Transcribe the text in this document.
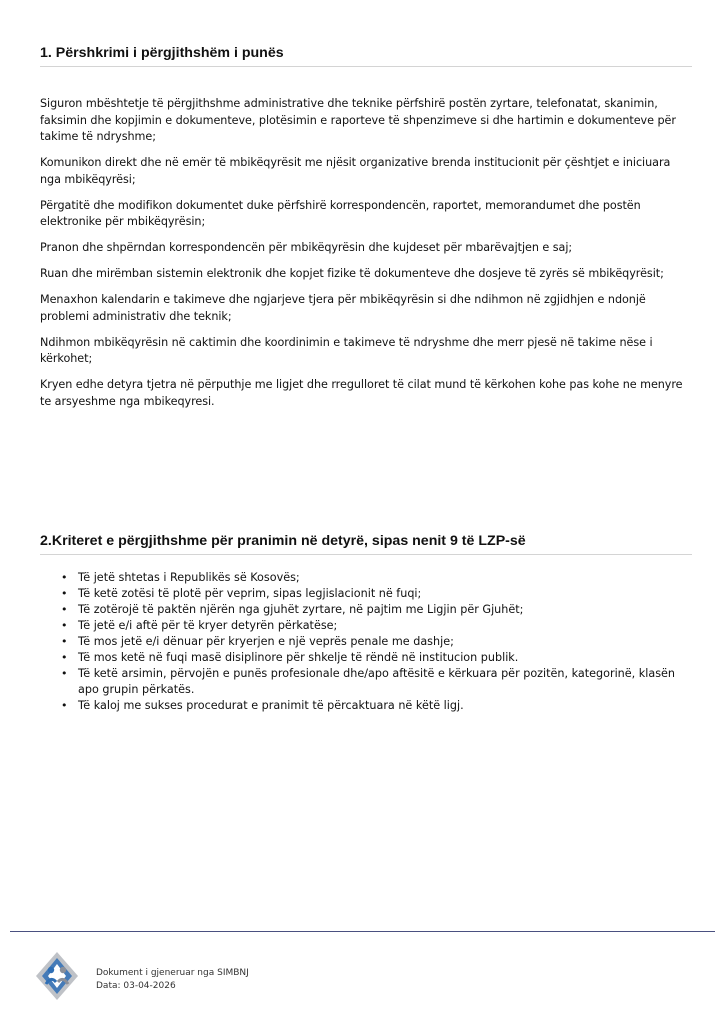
1. Përshkrimi i përgjithshëm i punës

Siguron mbështetje të përgjithshme administrative dhe teknike përfshirë postën zyrtare, telefonatat, skanimin, faksimin dhe kopjimin e dokumenteve, plotësimin e raporteve të shpenzimeve si dhe hartimin e dokumenteve për takime të ndryshme;

Komunikon direkt dhe në emër të mbikëqyrësit me njësit organizative brenda institucionit për çështjet e iniciuara nga mbikëqyrësi;

Përgatitë dhe modifikon dokumentet duke përfshirë korrespondencën, raportet, memorandumet dhe postën elektronike për mbikëqyrësin;

Pranon dhe shpërndan korrespondencën për mbikëqyrësin dhe kujdeset për mbarëvajtjen e saj;

Ruan dhe mirëmban sistemin elektronik dhe kopjet fizike të dokumenteve dhe dosjeve të zyrës së mbikëqyrësit;

Menaxhon kalendarin e takimeve dhe ngjarjeve tjera për mbikëqyrësin si dhe ndihmon në zgjidhjen e ndonjë problemi administrativ dhe teknik;

Ndihmon mbikëqyrësin në caktimin dhe koordinimin e takimeve të ndryshme dhe merr pjesë në takime nëse i kërkohet;

Kryen edhe detyra tjetra në përputhje me ligjet dhe rregulloret të cilat mund të kërkohen kohe pas kohe ne menyre te arsyeshme nga mbikeqyresi.

2.Kriteret e përgjithshme për pranimin në detyrë, sipas nenit 9 të LZP-së
• Të jetë shtetas i Republikës së Kosovës;
• Të ketë zotësi të plotë për veprim, sipas legjislacionit në fuqi;
• Të zotërojë të paktën njërën nga gjuhët zyrtare, në pajtim me Ligjin për Gjuhët;
• Të jetë e/i aftë për të kryer detyrën përkatëse;
• Të mos jetë e/i dënuar për kryerjen e një veprës penale me dashje;
• Të mos ketë në fuqi masë disiplinore për shkelje të rëndë në institucion publik.
• Të ketë arsimin, përvojën e punës profesionale dhe/apo aftësitë e kërkuara për pozitën, kategorinë, klasën apo grupin përkatës.
• Të kaloj me sukses procedurat e pranimit të përcaktuara në këtë ligj.
Dokument i gjeneruar nga SIMBNJ
Data: 03-04-2026
